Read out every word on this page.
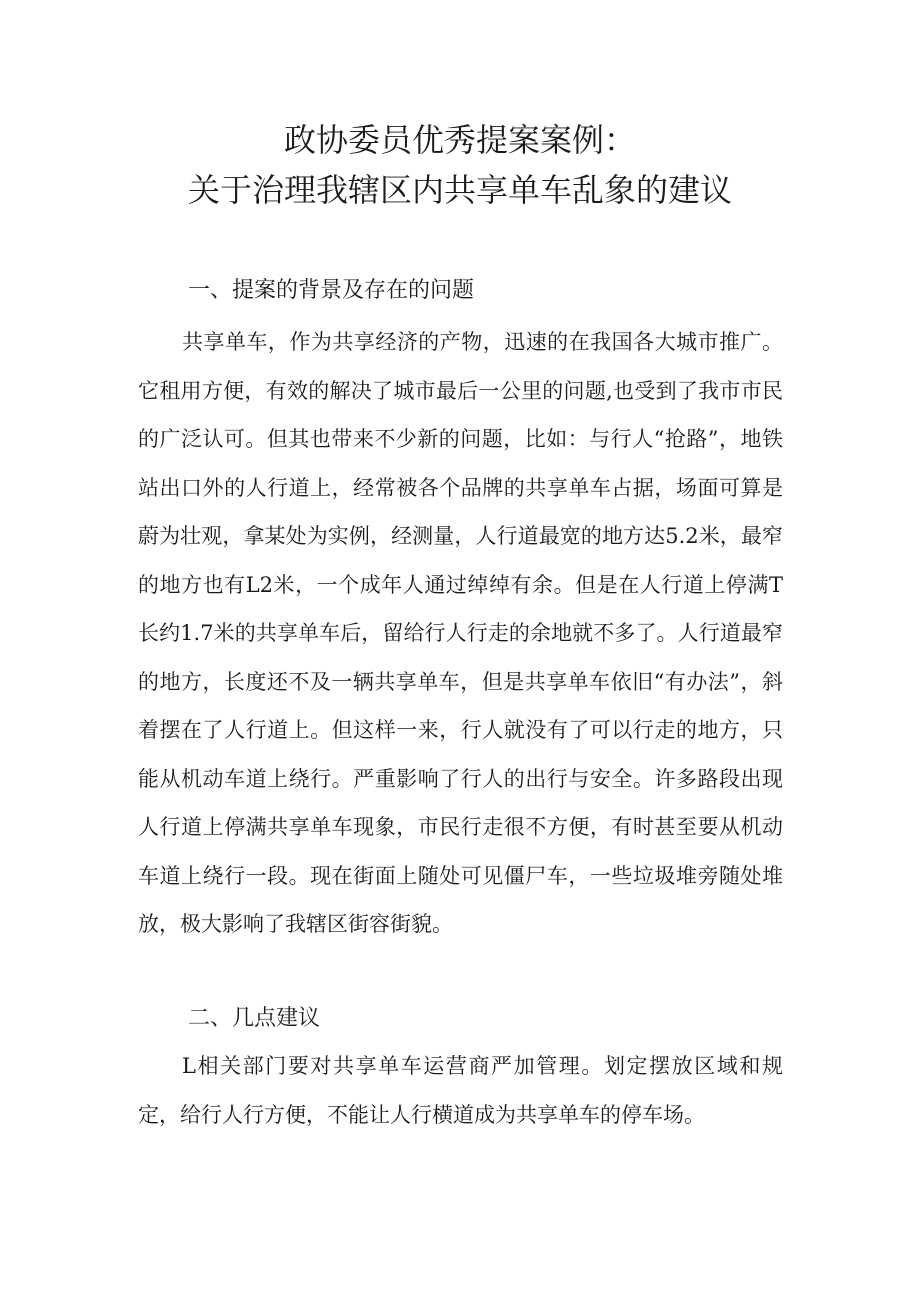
政协委员优秀提案案例：
关于治理我辖区内共享单车乱象的建议
一、提案的背景及存在的问题

共享单车，作为共享经济的产物，迅速的在我国各大城市推广。它租用方便，有效的解决了城市最后一公里的问题,也受到了我市市民的广泛认可。但其也带来不少新的问题，比如：与行人“抢路”，地铁站出口外的人行道上，经常被各个品牌的共享单车占据，场面可算是蔚为壮观，拿某处为实例，经测量，人行道最宽的地方达5.2米，最窄的地方也有L2米，一个成年人通过绰绰有余。但是在人行道上停满T长约1.7米的共享单车后，留给行人行走的余地就不多了。人行道最窄的地方，长度还不及一辆共享单车，但是共享单车依旧“有办法”，斜着摆在了人行道上。但这样一来，行人就没有了可以行走的地方，只能从机动车道上绕行。严重影响了行人的出行与安全。许多路段出现人行道上停满共享单车现象，市民行走很不方便，有时甚至要从机动车道上绕行一段。现在街面上随处可见僵尸车，一些垃圾堆旁随处堆放，极大影响了我辖区街容街貌。

二、几点建议

L相关部门要对共享单车运营商严加管理。划定摆放区域和规定，给行人行方便，不能让人行横道成为共享单车的停车场。
